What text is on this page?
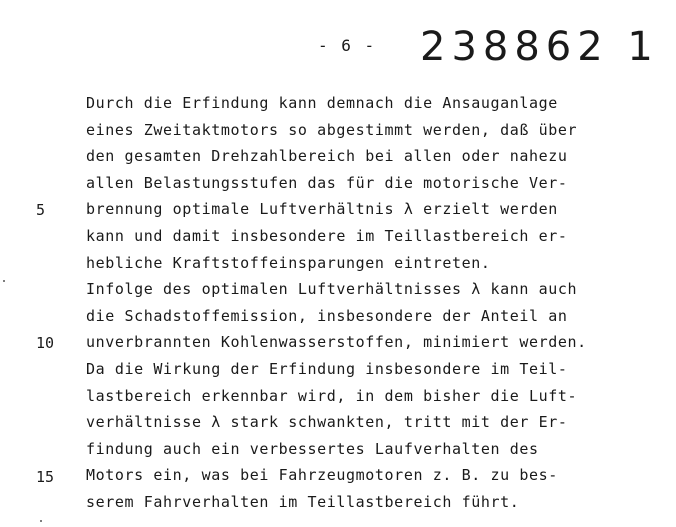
- 6 - 238862 1
5
10
15
Durch die Erfindung kann demnach die Ansauganlage
eines Zweitaktmotors so abgestimmt werden, daß über
den gesamten Drehzahlbereich bei allen oder nahezu
allen Belastungsstufen das für die motorische Ver-
brennung optimale Luftverhältnis λ erzielt werden
kann und damit insbesondere im Teillastbereich er-
hebliche Kraftstoffeinsparungen eintreten.
Infolge des optimalen Luftverhältnisses λ kann auch
die Schadstoffemission, insbesondere der Anteil an
unverbrannten Kohlenwasserstoffen, minimiert werden.
Da die Wirkung der Erfindung insbesondere im Teil-
lastbereich erkennbar wird, in dem bisher die Luft-
verhältnisse λ stark schwankten, tritt mit der Er-
findung auch ein verbessertes Laufverhalten des
Motors ein, was bei Fahrzeugmotoren z. B. zu bes-
serem Fahrverhalten im Teillastbereich führt.
